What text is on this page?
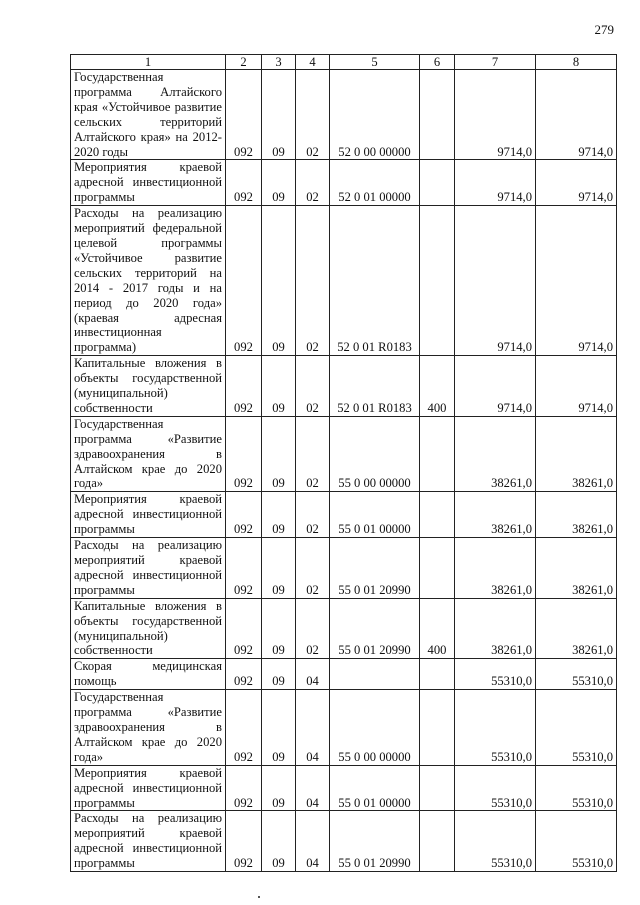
279
1	2	3	4	5	6	7	8
Государственная программа Алтайского края «Устойчивое развитие сельских территорий Алтайского края» на 2012-2020 годы	092	09	02	52 0 00 00000		9714,0	9714,0
Мероприятия краевой адресной инвестиционной программы	092	09	02	52 0 01 00000		9714,0	9714,0
Расходы на реализацию мероприятий федеральной целевой программы «Устойчивое развитие сельских территорий на 2014 - 2017 годы и на период до 2020 года» (краевая адресная инвестиционная программа)	092	09	02	52 0 01 R0183		9714,0	9714,0
Капитальные вложения в объекты государственной (муниципальной) собственности	092	09	02	52 0 01 R0183	400	9714,0	9714,0
Государственная программа «Развитие здравоохранения в Алтайском крае до 2020 года»	092	09	02	55 0 00 00000		38261,0	38261,0
Мероприятия краевой адресной инвестиционной программы	092	09	02	55 0 01 00000		38261,0	38261,0
Расходы на реализацию мероприятий краевой адресной инвестиционной программы	092	09	02	55 0 01 20990		38261,0	38261,0
Капитальные вложения в объекты государственной (муниципальной) собственности	092	09	02	55 0 01 20990	400	38261,0	38261,0
Скорая медицинская помощь	092	09	04			55310,0	55310,0
Государственная программа «Развитие здравоохранения в Алтайском крае до 2020 года»	092	09	04	55 0 00 00000		55310,0	55310,0
Мероприятия краевой адресной инвестиционной программы	092	09	04	55 0 01 00000		55310,0	55310,0
Расходы на реализацию мероприятий краевой адресной инвестиционной программы	092	09	04	55 0 01 20990		55310,0	55310,0
